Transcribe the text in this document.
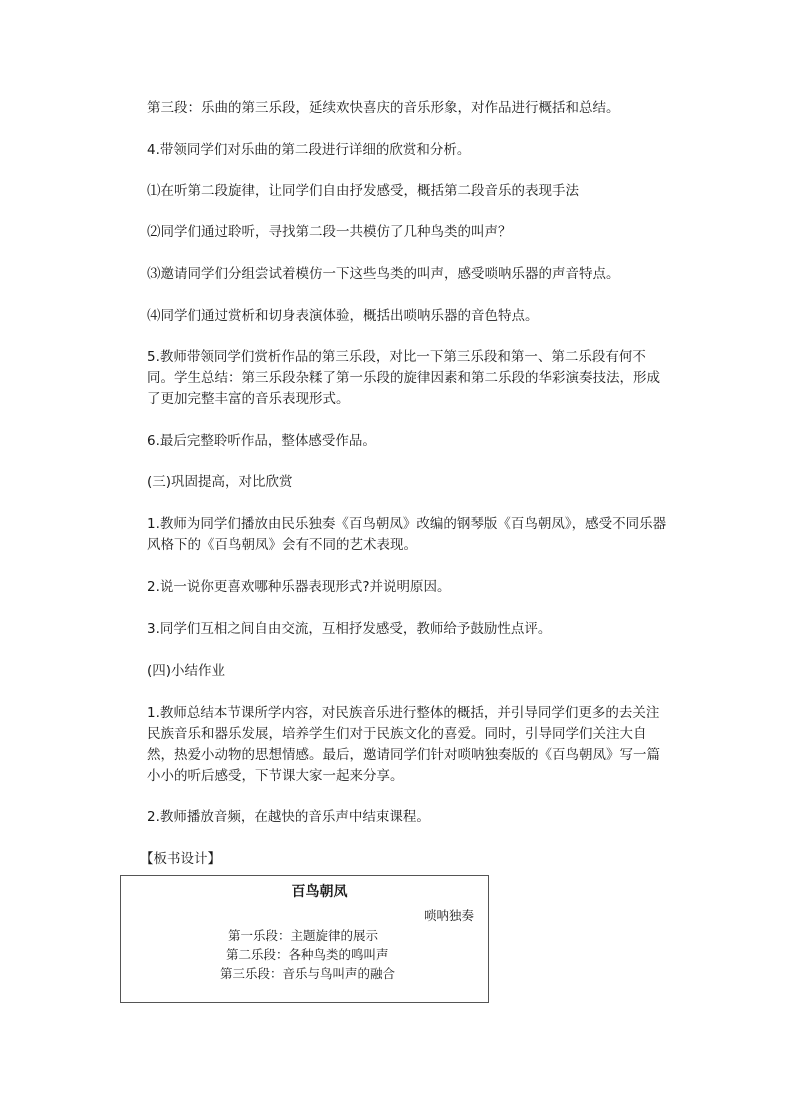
第三段：乐曲的第三乐段，延续欢快喜庆的音乐形象，对作品进行概括和总结。

4.带领同学们对乐曲的第二段进行详细的欣赏和分析。

⑴在听第二段旋律，让同学们自由抒发感受，概括第二段音乐的表现手法

⑵同学们通过聆听，寻找第二段一共模仿了几种鸟类的叫声？

⑶邀请同学们分组尝试着模仿一下这些鸟类的叫声，感受唢呐乐器的声音特点。

⑷同学们通过赏析和切身表演体验，概括出唢呐乐器的音色特点。

5.教师带领同学们赏析作品的第三乐段，对比一下第三乐段和第一、第二乐段有何不同。学生总结：第三乐段杂糅了第一乐段的旋律因素和第二乐段的华彩演奏技法，形成了更加完整丰富的音乐表现形式。

6.最后完整聆听作品，整体感受作品。

(三)巩固提高，对比欣赏

1.教师为同学们播放由民乐独奏《百鸟朝凤》改编的钢琴版《百鸟朝凤》，感受不同乐器风格下的《百鸟朝凤》会有不同的艺术表现。

2.说一说你更喜欢哪种乐器表现形式?并说明原因。

3.同学们互相之间自由交流，互相抒发感受，教师给予鼓励性点评。

(四)小结作业

1.教师总结本节课所学内容，对民族音乐进行整体的概括，并引导同学们更多的去关注民族音乐和器乐发展，培养学生们对于民族文化的喜爱。同时，引导同学们关注大自然，热爱小动物的思想情感。最后，邀请同学们针对唢呐独奏版的《百鸟朝凤》写一篇小小的听后感受，下节课大家一起来分享。

2.教师播放音频，在越快的音乐声中结束课程。

【板书设计】

百鸟朝凤
唢呐独奏
第一乐段：主题旋律的展示
第二乐段：各种鸟类的鸣叫声
第三乐段：音乐与鸟叫声的融合
